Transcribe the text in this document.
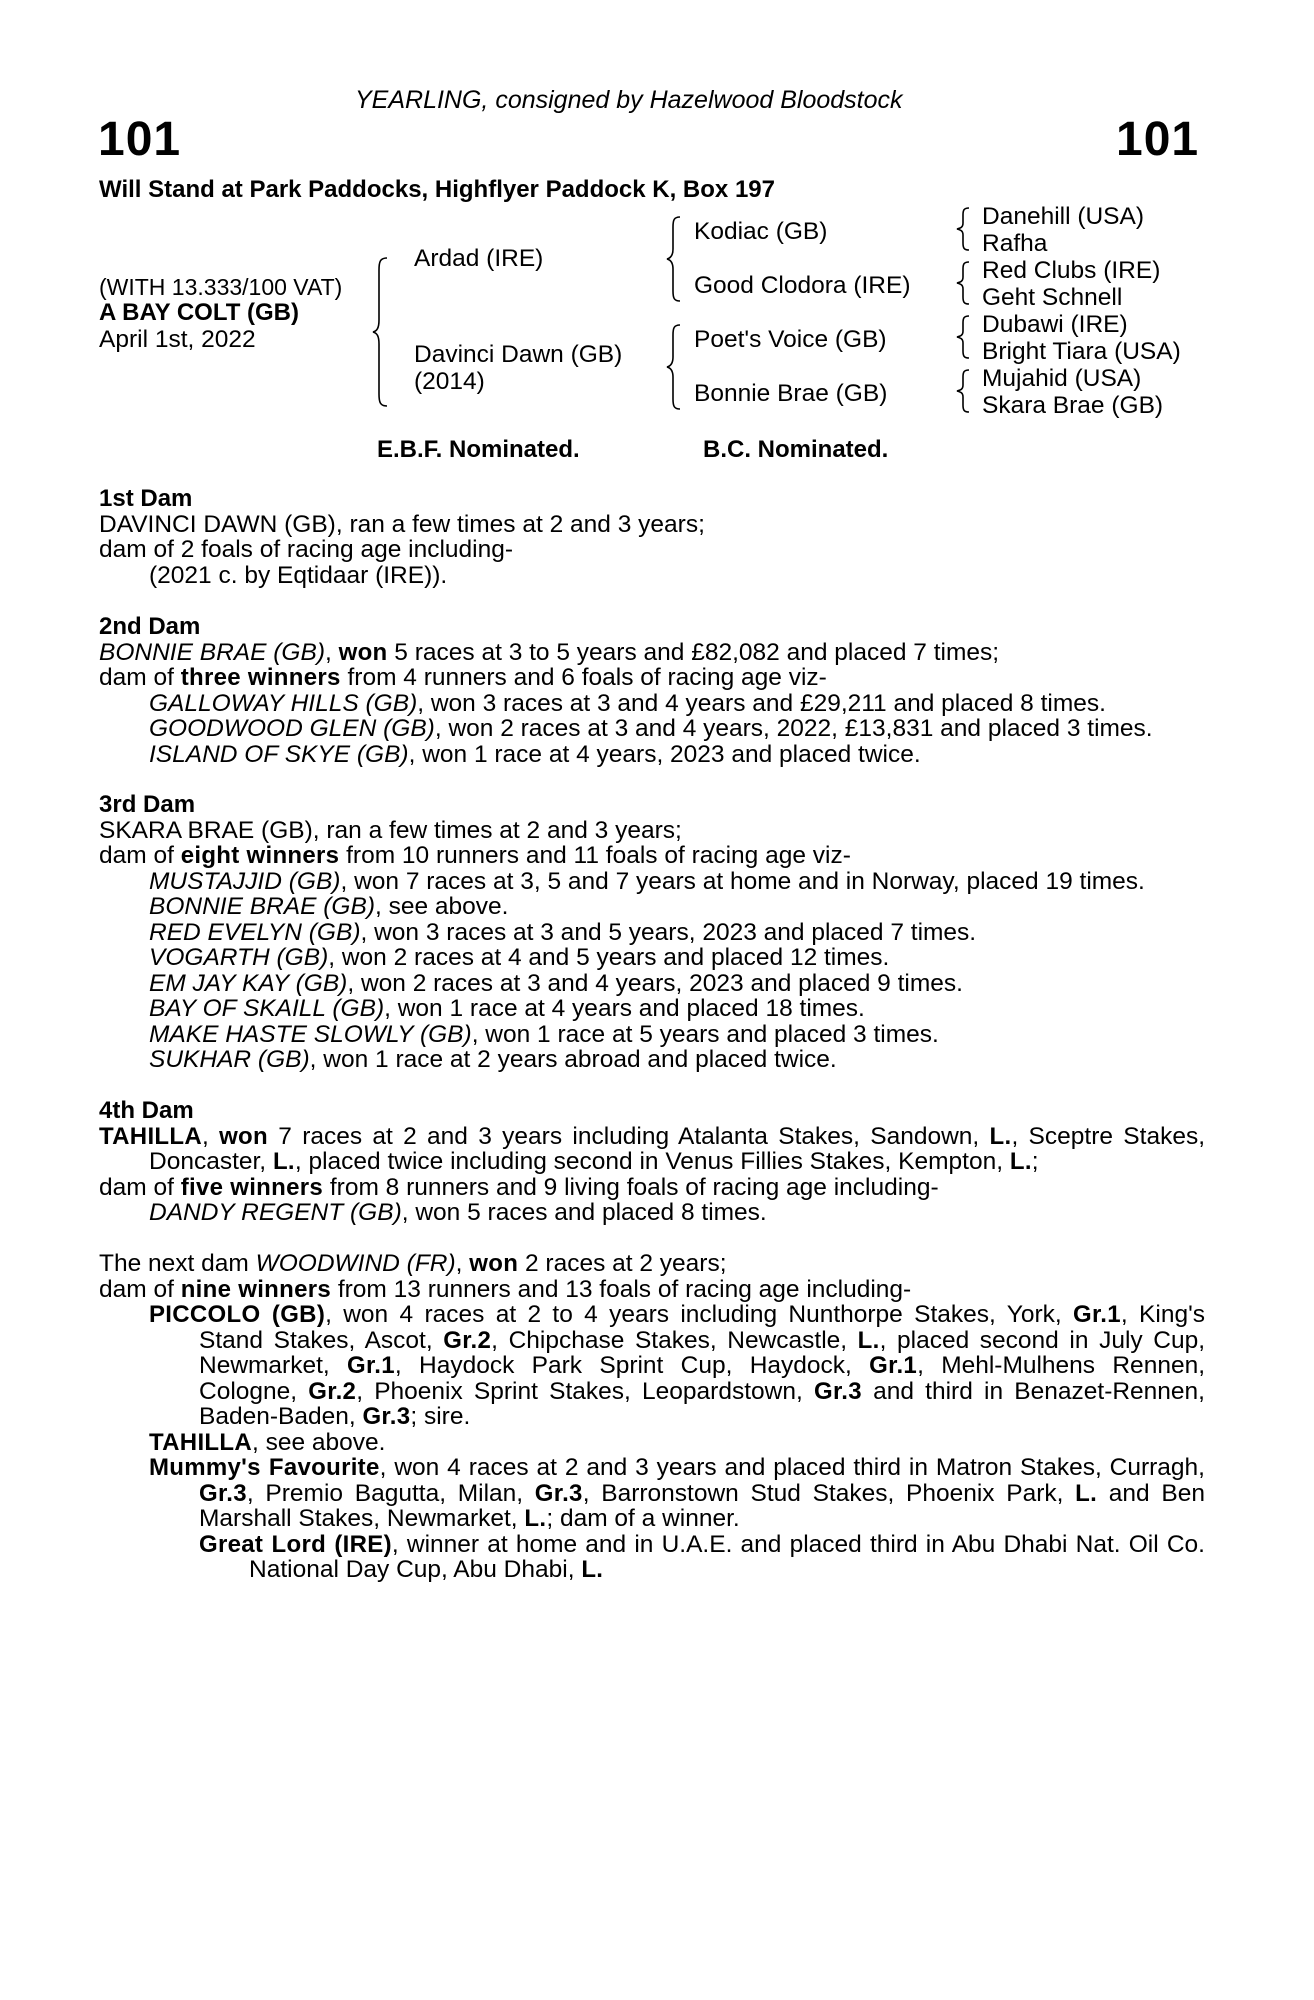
YEARLING, consigned by Hazelwood Bloodstock
101	101
Will Stand at Park Paddocks, Highflyer Paddock K, Box 197
(WITH 13.333/100 VAT)
A BAY COLT (GB)
April 1st, 2022
Ardad (IRE)
Davinci Dawn (GB)
(2014)
Kodiac (GB)
Good Clodora (IRE)
Poet's Voice (GB)
Bonnie Brae (GB)
Danehill (USA)
Rafha
Red Clubs (IRE)
Geht Schnell
Dubawi (IRE)
Bright Tiara (USA)
Mujahid (USA)
Skara Brae (GB)
E.B.F. Nominated.	B.C. Nominated.
1st Dam
DAVINCI DAWN (GB), ran a few times at 2 and 3 years;
dam of 2 foals of racing age including-
(2021 c. by Eqtidaar (IRE)).
2nd Dam
BONNIE BRAE (GB), won 5 races at 3 to 5 years and £82,082 and placed 7 times;
dam of three winners from 4 runners and 6 foals of racing age viz-
GALLOWAY HILLS (GB), won 3 races at 3 and 4 years and £29,211 and placed 8 times.
GOODWOOD GLEN (GB), won 2 races at 3 and 4 years, 2022, £13,831 and placed 3 times.
ISLAND OF SKYE (GB), won 1 race at 4 years, 2023 and placed twice.
3rd Dam
SKARA BRAE (GB), ran a few times at 2 and 3 years;
dam of eight winners from 10 runners and 11 foals of racing age viz-
MUSTAJJID (GB), won 7 races at 3, 5 and 7 years at home and in Norway, placed 19 times.
BONNIE BRAE (GB), see above.
RED EVELYN (GB), won 3 races at 3 and 5 years, 2023 and placed 7 times.
VOGARTH (GB), won 2 races at 4 and 5 years and placed 12 times.
EM JAY KAY (GB), won 2 races at 3 and 4 years, 2023 and placed 9 times.
BAY OF SKAILL (GB), won 1 race at 4 years and placed 18 times.
MAKE HASTE SLOWLY (GB), won 1 race at 5 years and placed 3 times.
SUKHAR (GB), won 1 race at 2 years abroad and placed twice.
4th Dam
TAHILLA, won 7 races at 2 and 3 years including Atalanta Stakes, Sandown, L., Sceptre Stakes, Doncaster, L., placed twice including second in Venus Fillies Stakes, Kempton, L.;
dam of five winners from 8 runners and 9 living foals of racing age including-
DANDY REGENT (GB), won 5 races and placed 8 times.
The next dam WOODWIND (FR), won 2 races at 2 years;
dam of nine winners from 13 runners and 13 foals of racing age including-
PICCOLO (GB), won 4 races at 2 to 4 years including Nunthorpe Stakes, York, Gr.1, King's Stand Stakes, Ascot, Gr.2, Chipchase Stakes, Newcastle, L., placed second in July Cup, Newmarket, Gr.1, Haydock Park Sprint Cup, Haydock, Gr.1, Mehl-Mulhens Rennen, Cologne, Gr.2, Phoenix Sprint Stakes, Leopardstown, Gr.3 and third in Benazet-Rennen, Baden-Baden, Gr.3; sire.
TAHILLA, see above.
Mummy's Favourite, won 4 races at 2 and 3 years and placed third in Matron Stakes, Curragh, Gr.3, Premio Bagutta, Milan, Gr.3, Barronstown Stud Stakes, Phoenix Park, L. and Ben Marshall Stakes, Newmarket, L.; dam of a winner.
Great Lord (IRE), winner at home and in U.A.E. and placed third in Abu Dhabi Nat. Oil Co. National Day Cup, Abu Dhabi, L.
